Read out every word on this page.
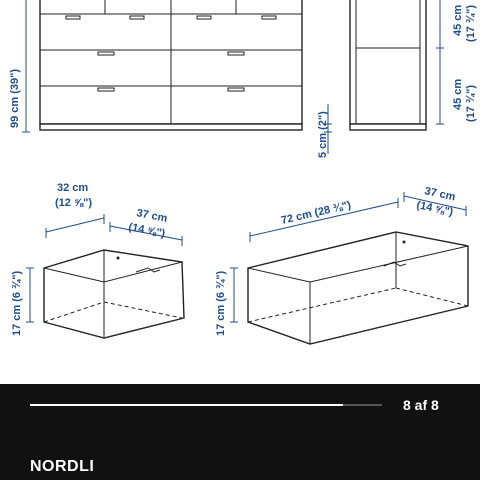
99 cm (39")
5 cm (2")
45 cm (17 ¾")
45 cm (17 ¾")
32 cm
(12 ⅝")
37 cm
(14 ⅝")
17 cm (6 ¾")
72 cm (28 ⅜")
37 cm
(14 ⅝")
17 cm (6 ¾")
8 af 8
NORDLI
